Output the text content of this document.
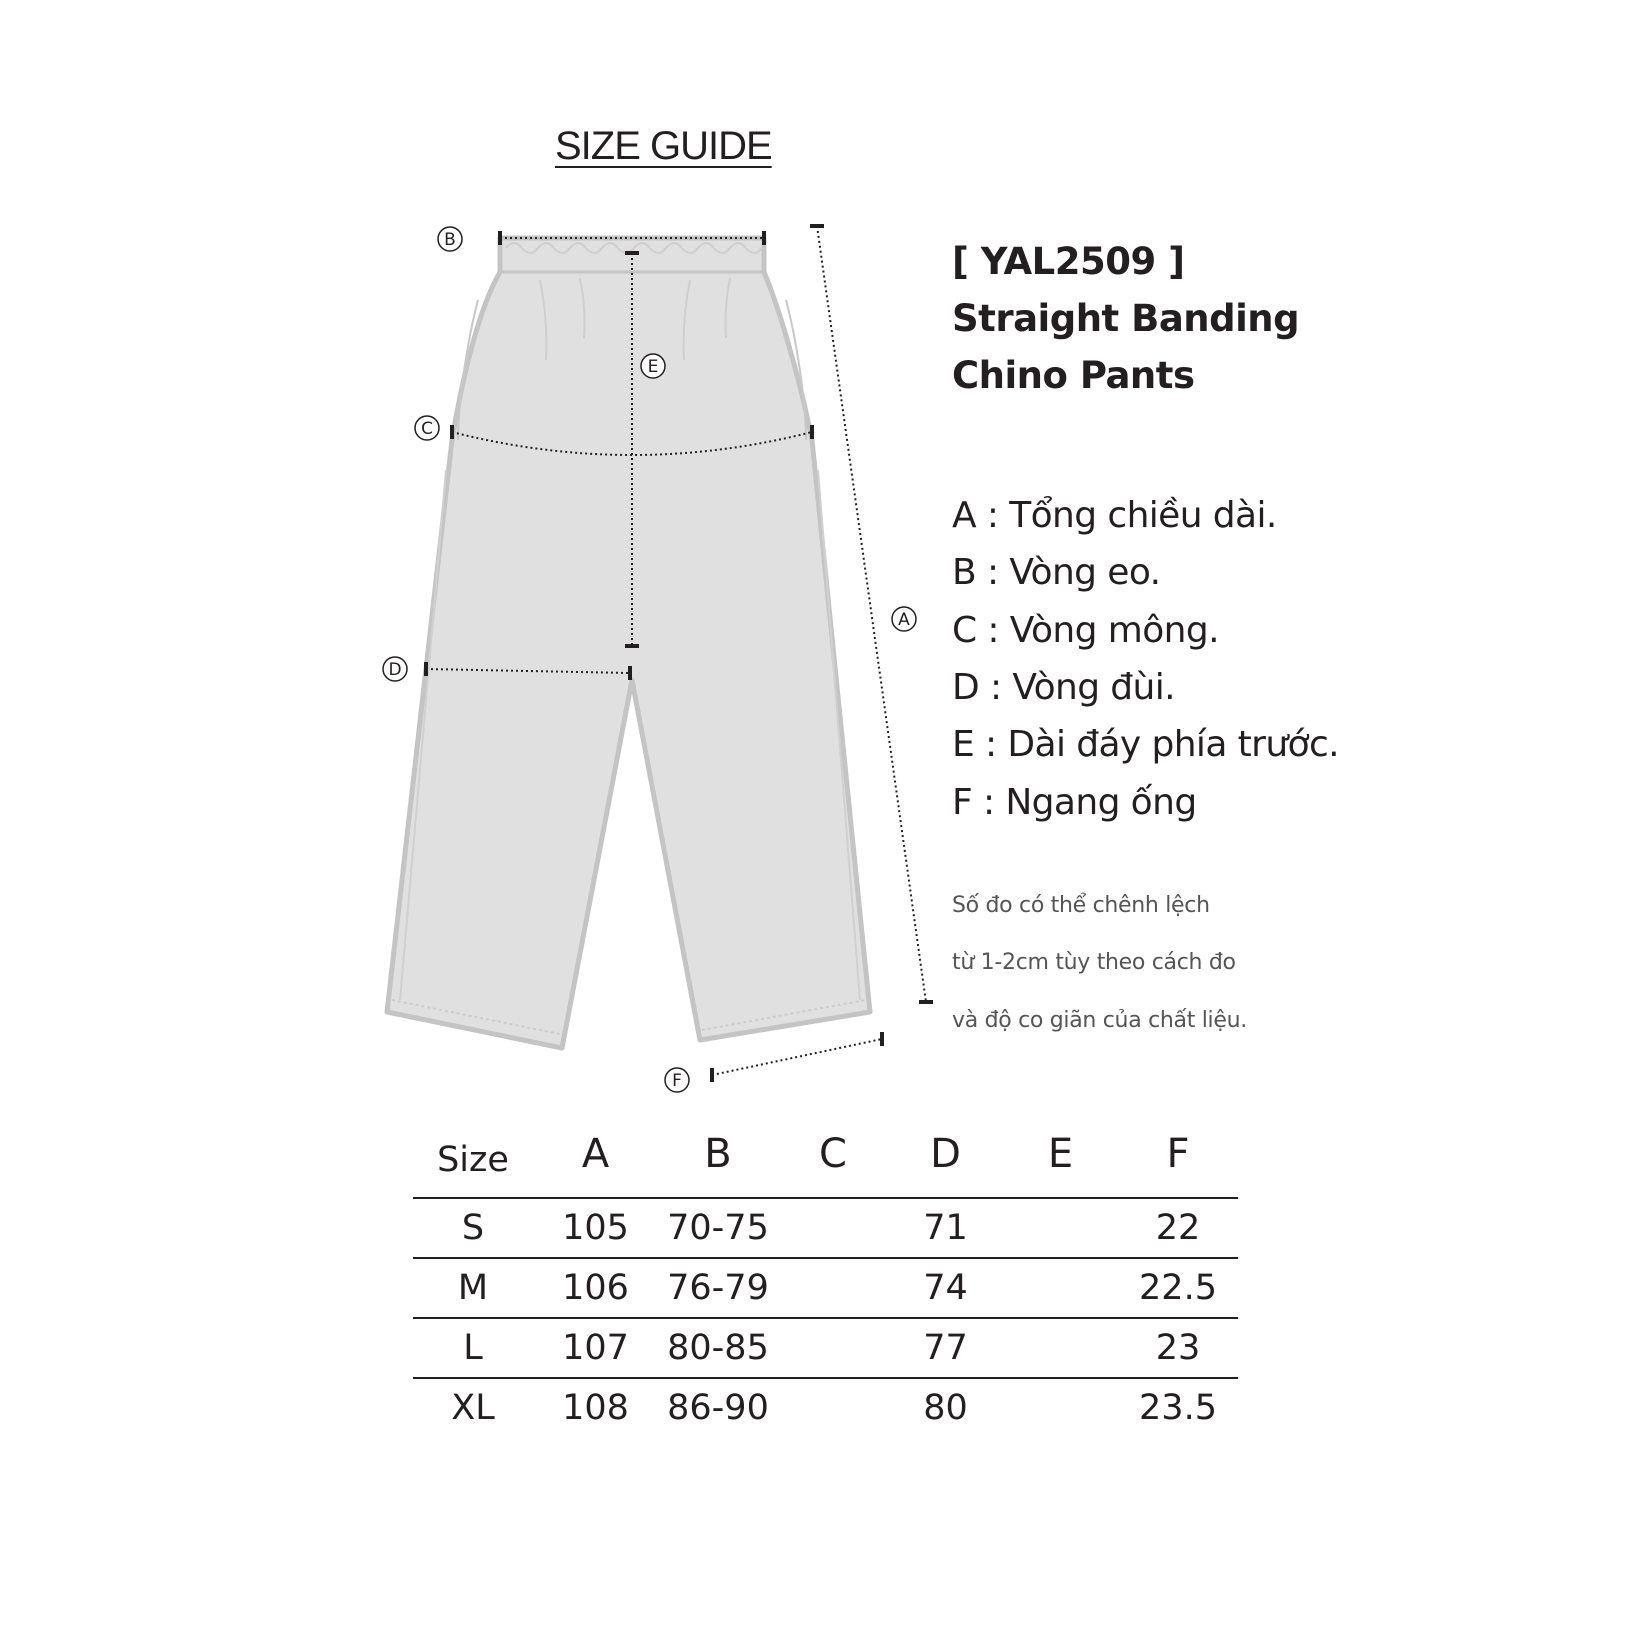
SIZE GUIDE
A
B
C
D
E
F
[ YAL2509 ]
Straight Banding
Chino Pants
A : Tổng chiều dài.
B : Vòng eo.
C : Vòng mông.
D : Vòng đùi.
E : Dài đáy phía trước.
F : Ngang ống
Số đo có thể chênh lệch
từ 1-2cm tùy theo cách đo
và độ co giãn của chất liệu.
Size	A	B	C	D	E	F
S	105	70-75		71		22
M	106	76-79		74		22.5
L	107	80-85		77		23
XL	108	86-90		80		23.5
